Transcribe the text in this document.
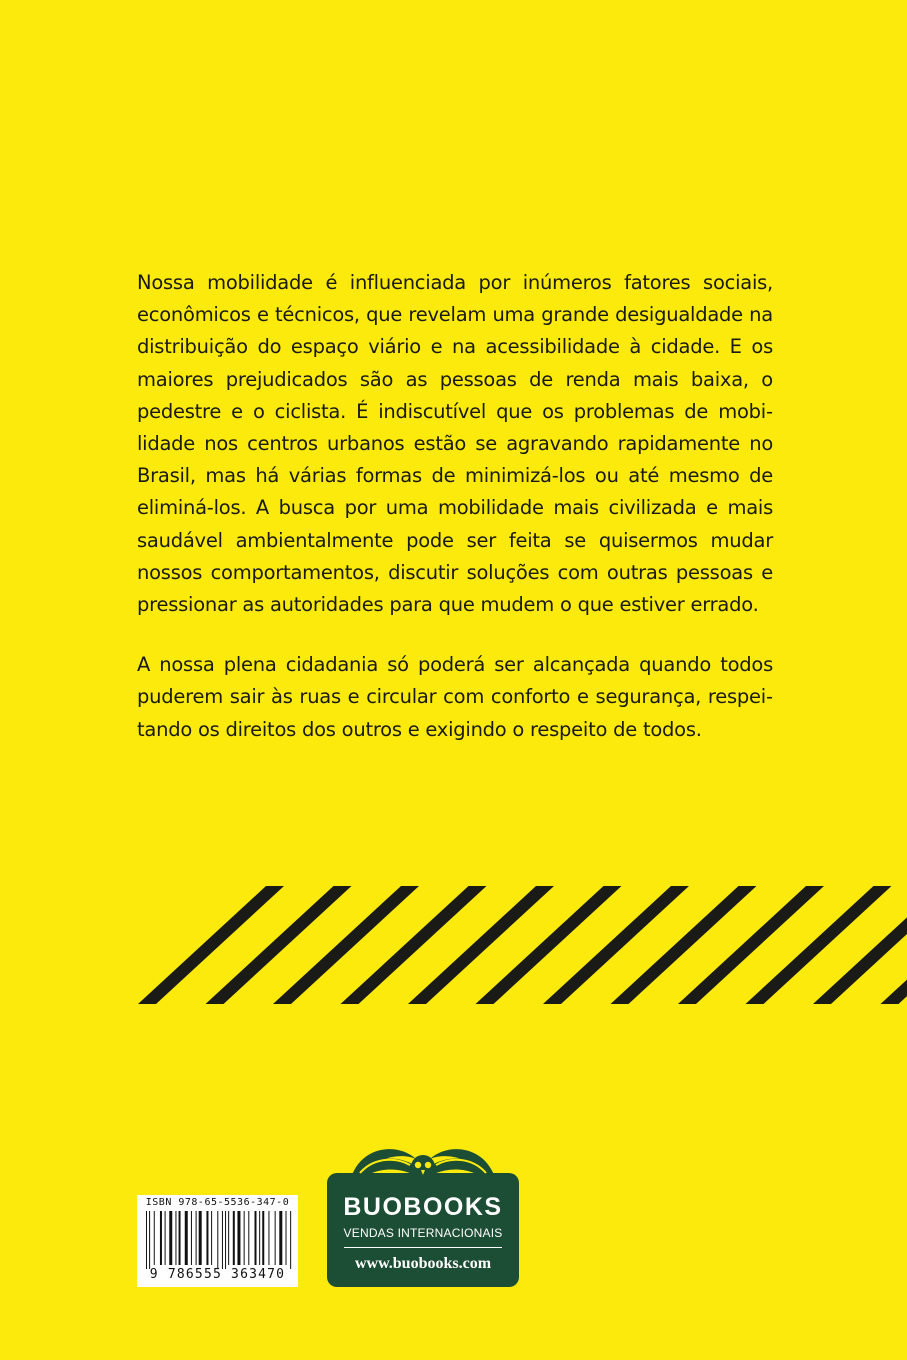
Nossa mobilidade é influenciada por inúmeros fatores sociais, econômicos e técnicos, que revelam uma grande desigualdade na distribuição do espaço viário e na acessibilidade à cidade. E os maiores prejudicados são as pessoas de renda mais baixa, o pedestre e o ciclista. É indiscutível que os problemas de mobilidade nos centros urbanos estão se agravando rapidamente no Brasil, mas há várias formas de minimizá-los ou até mesmo de eliminá-los. A busca por uma mobilidade mais civilizada e mais saudável ambientalmente pode ser feita se quisermos mudar nossos comportamentos, discutir soluções com outras pessoas e pressionar as autoridades para que mudem o que estiver errado.

A nossa plena cidadania só poderá ser alcançada quando todos puderem sair às ruas e circular com conforto e segurança, respeitando os direitos dos outros e exigindo o respeito de todos.

ISBN 978-65-5536-347-0
9 786555 363470
BUOBOOKS
VENDAS INTERNACIONAIS
www.buobooks.com
